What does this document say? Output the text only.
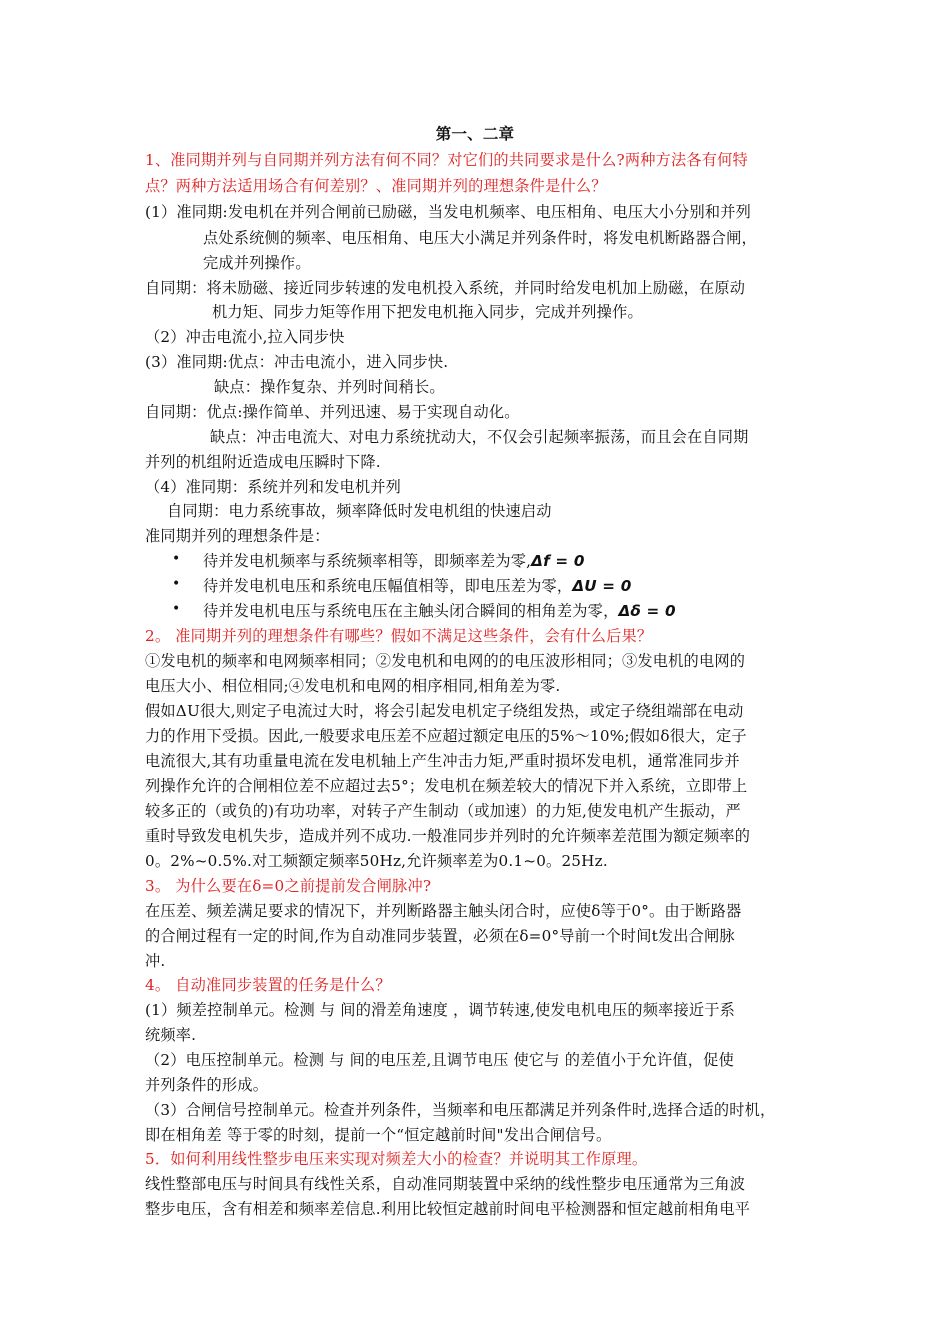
第一、二章
1、准同期并列与自同期并列方法有何不同？对它们的共同要求是什么?两种方法各有何特
点？两种方法适用场合有何差别？、准同期并列的理想条件是什么？
(1）准同期:发电机在并列合闸前已励磁，当发电机频率、电压相角、电压大小分别和并列
点处系统侧的频率、电压相角、电压大小满足并列条件时，将发电机断路器合闸，
完成并列操作。
自同期：将未励磁、接近同步转速的发电机投入系统，并同时给发电机加上励磁，在原动
机力矩、同步力矩等作用下把发电机拖入同步，完成并列操作。
（2）冲击电流小,拉入同步快
(3）准同期:优点：冲击电流小，进入同步快.
缺点：操作复杂、并列时间稍长。
自同期：优点:操作简单、并列迅速、易于实现自动化。
缺点：冲击电流大、对电力系统扰动大，不仅会引起频率振荡，而且会在自同期
并列的机组附近造成电压瞬时下降.
（4）准同期：系统并列和发电机并列
自同期：电力系统事故，频率降低时发电机组的快速启动
准同期并列的理想条件是：
• 待并发电机频率与系统频率相等，即频率差为零,Δf = 0
• 待并发电机电压和系统电压幅值相等，即电压差为零，ΔU = 0
• 待并发电机电压与系统电压在主触头闭合瞬间的相角差为零，Δδ = 0
2。 准同期并列的理想条件有哪些？假如不满足这些条件，会有什么后果？
①发电机的频率和电网频率相同；②发电机和电网的的电压波形相同；③发电机的电网的
电压大小、相位相同;④发电机和电网的相序相同,相角差为零.
假如ΔU很大,则定子电流过大时，将会引起发电机定子绕组发热，或定子绕组端部在电动
力的作用下受损。因此,一般要求电压差不应超过额定电压的5%～10%;假如δ很大，定子
电流很大,其有功重量电流在发电机轴上产生冲击力矩,严重时损坏发电机，通常准同步并
列操作允许的合闸相位差不应超过去5°；发电机在频差较大的情况下并入系统，立即带上
较多正的（或负的)有功功率，对转子产生制动（或加速）的力矩,使发电机产生振动，严
重时导致发电机失步，造成并列不成功.一般准同步并列时的允许频率差范围为额定频率的
0。2%~0.5%.对工频额定频率50Hz,允许频率差为0.1~0。25Hz.
3。 为什么要在δ=0之前提前发合闸脉冲?
在压差、频差满足要求的情况下，并列断路器主触头闭合时，应使δ等于0°。由于断路器
的合闸过程有一定的时间,作为自动准同步装置，必须在δ=0°导前一个时间t发出合闸脉
冲.
4。 自动准同步装置的任务是什么？
(1）频差控制单元。检测 与 间的滑差角速度 ，调节转速,使发电机电压的频率接近于系
统频率.
（2）电压控制单元。检测 与 间的电压差,且调节电压 使它与 的差值小于允许值，促使
并列条件的形成。
（3）合闸信号控制单元。检查并列条件，当频率和电压都满足并列条件时,选择合适的时机，
即在相角差 等于零的时刻，提前一个“恒定越前时间"发出合闸信号。
5．如何利用线性整步电压来实现对频差大小的检查？并说明其工作原理。
线性整部电压与时间具有线性关系，自动准同期装置中采纳的线性整步电压通常为三角波
整步电压，含有相差和频率差信息.利用比较恒定越前时间电平检测器和恒定越前相角电平
